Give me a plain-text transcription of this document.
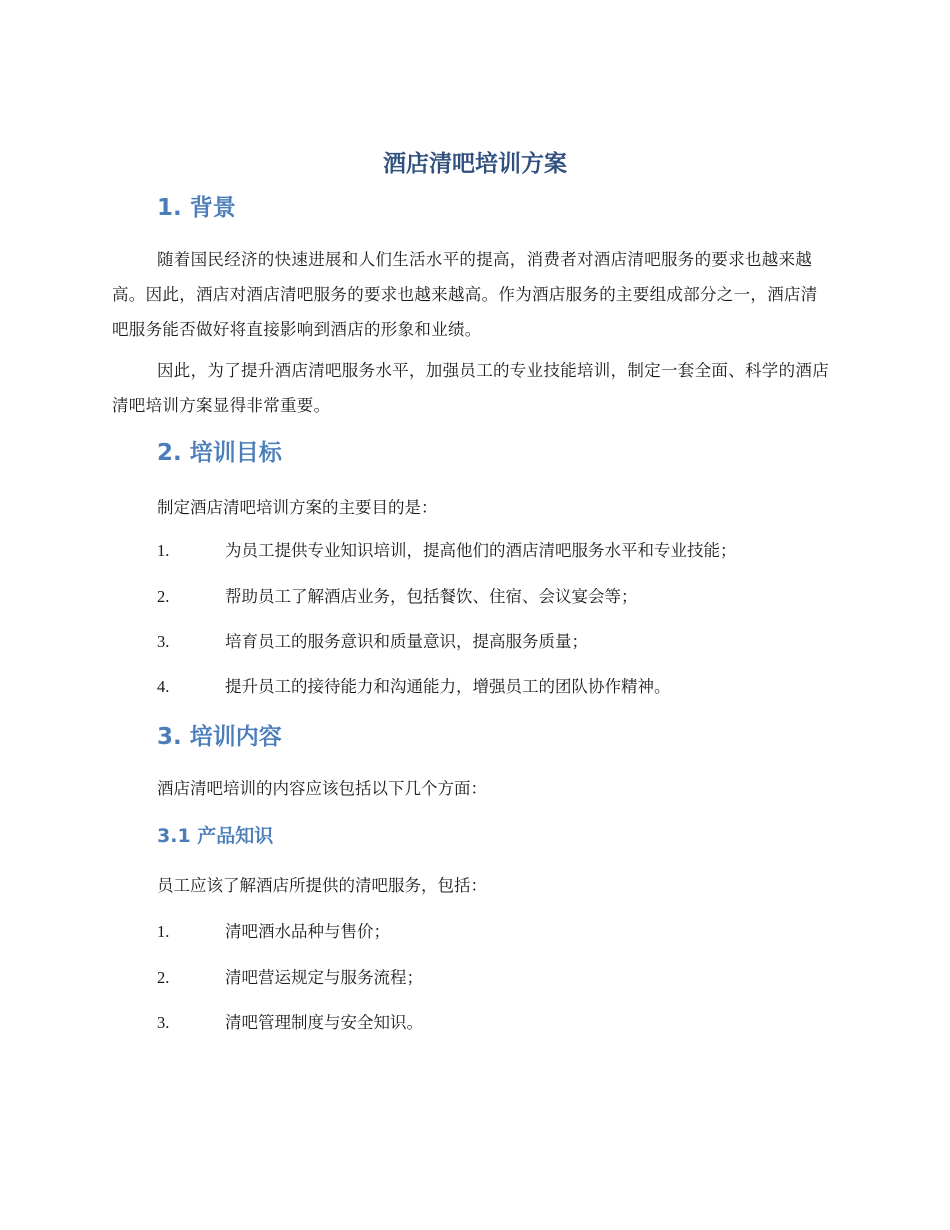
酒店清吧培训方案
1. 背景
随着国民经济的快速进展和人们生活水平的提高，消费者对酒店清吧服务的要求也越来越高。因此，酒店对酒店清吧服务的要求也越来越高。作为酒店服务的主要组成部分之一，酒店清吧服务能否做好将直接影响到酒店的形象和业绩。
因此，为了提升酒店清吧服务水平，加强员工的专业技能培训，制定一套全面、科学的酒店清吧培训方案显得非常重要。
2. 培训目标
制定酒店清吧培训方案的主要目的是：
1.	为员工提供专业知识培训，提高他们的酒店清吧服务水平和专业技能；
2.	帮助员工了解酒店业务，包括餐饮、住宿、会议宴会等；
3.	培育员工的服务意识和质量意识，提高服务质量；
4.	提升员工的接待能力和沟通能力，增强员工的团队协作精神。
3. 培训内容
酒店清吧培训的内容应该包括以下几个方面：
3.1 产品知识
员工应该了解酒店所提供的清吧服务，包括：
1.	清吧酒水品种与售价；
2.	清吧营运规定与服务流程；
3.	清吧管理制度与安全知识。
